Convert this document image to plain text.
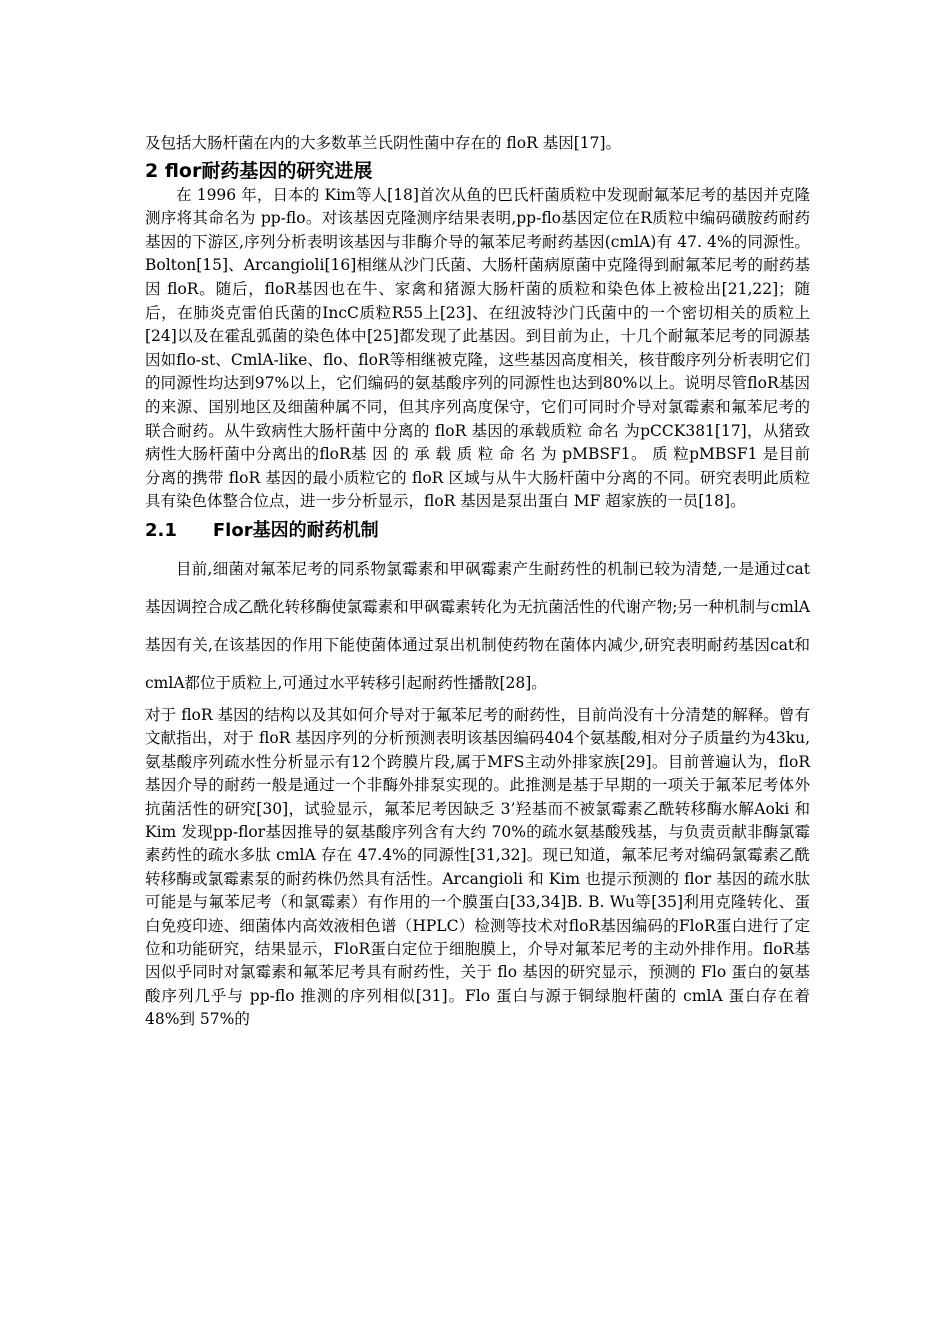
及包括大肠杆菌在内的大多数革兰氏阴性菌中存在的 floR 基因[17]。

2 flor耐药基因的研究进展

在 1996 年，日本的 Kim等人[18]首次从鱼的巴氏杆菌质粒中发现耐氟苯尼考的基因并克隆测序将其命名为 pp-flo。对该基因克隆测序结果表明,pp-flo基因定位在R质粒中编码磺胺药耐药基因的下游区,序列分析表明该基因与非酶介导的氟苯尼考耐药基因(cmlA)有 47. 4%的同源性。Bolton[15]、Arcangioli[16]相继从沙门氏菌、大肠杆菌病原菌中克隆得到耐氟苯尼考的耐药基因 floR。随后，floR基因也在牛、家禽和猪源大肠杆菌的质粒和染色体上被检出[21,22]；随后，在肺炎克雷伯氏菌的IncC质粒R55上[23]、在纽波特沙门氏菌中的一个密切相关的质粒上[24]以及在霍乱弧菌的染色体中[25]都发现了此基因。到目前为止，十几个耐氟苯尼考的同源基因如flo-st、CmlA-like、flo、floR等相继被克隆，这些基因高度相关，核苷酸序列分析表明它们的同源性均达到97%以上，它们编码的氨基酸序列的同源性也达到80%以上。说明尽管floR基因的来源、国别地区及细菌种属不同，但其序列高度保守，它们可同时介导对氯霉素和氟苯尼考的联合耐药。从牛致病性大肠杆菌中分离的 floR 基因的承载质粒 命名 为pCCK381[17]，从猪致病性大肠杆菌中分离出的floR基 因 的 承 载 质 粒 命 名 为 pMBSF1。 质 粒pMBSF1 是目前分离的携带 floR 基因的最小质粒它的 floR 区域与从牛大肠杆菌中分离的不同。研究表明此质粒具有染色体整合位点，进一步分析显示，floR 基因是泵出蛋白 MF 超家族的一员[18]。

2.1　　Flor基因的耐药机制

目前,细菌对氟苯尼考的同系物氯霉素和甲砜霉素产生耐药性的机制已较为清楚,一是通过cat基因调控合成乙酰化转移酶使氯霉素和甲砜霉素转化为无抗菌活性的代谢产物;另一种机制与cmlA基因有关,在该基因的作用下能使菌体通过泵出机制使药物在菌体内减少,研究表明耐药基因cat和cmlA都位于质粒上,可通过水平转移引起耐药性播散[28]。

对于 floR 基因的结构以及其如何介导对于氟苯尼考的耐药性，目前尚没有十分清楚的解释。曾有文献指出，对于 floR 基因序列的分析预测表明该基因编码404个氨基酸,相对分子质量约为43ku,氨基酸序列疏水性分析显示有12个跨膜片段,属于MFS主动外排家族[29]。目前普遍认为，floR基因介导的耐药一般是通过一个非酶外排泵实现的。此推测是基于早期的一项关于氟苯尼考体外抗菌活性的研究[30]，试验显示，氟苯尼考因缺乏 3’羟基而不被氯霉素乙酰转移酶水解Aoki 和 Kim 发现pp-flor基因推导的氨基酸序列含有大约 70%的疏水氨基酸残基，与负责贡献非酶氯霉素药性的疏水多肽 cmlA 存在 47.4%的同源性[31,32]。现已知道，氟苯尼考对编码氯霉素乙酰转移酶或氯霉素泵的耐药株仍然具有活性。Arcangioli 和 Kim 也提示预测的 flor 基因的疏水肽可能是与氟苯尼考（和氯霉素）有作用的一个膜蛋白[33,34]B. B. Wu等[35]利用克隆转化、蛋白免疫印迹、细菌体内高效液相色谱（HPLC）检测等技术对floR基因编码的FloR蛋白进行了定位和功能研究，结果显示，FloR蛋白定位于细胞膜上，介导对氟苯尼考的主动外排作用。floR基因似乎同时对氯霉素和氟苯尼考具有耐药性，关于 flo 基因的研究显示，预测的 Flo 蛋白的氨基酸序列几乎与 pp-flo 推测的序列相似[31]。Flo 蛋白与源于铜绿胞杆菌的 cmlA 蛋白存在着 48%到 57%的
